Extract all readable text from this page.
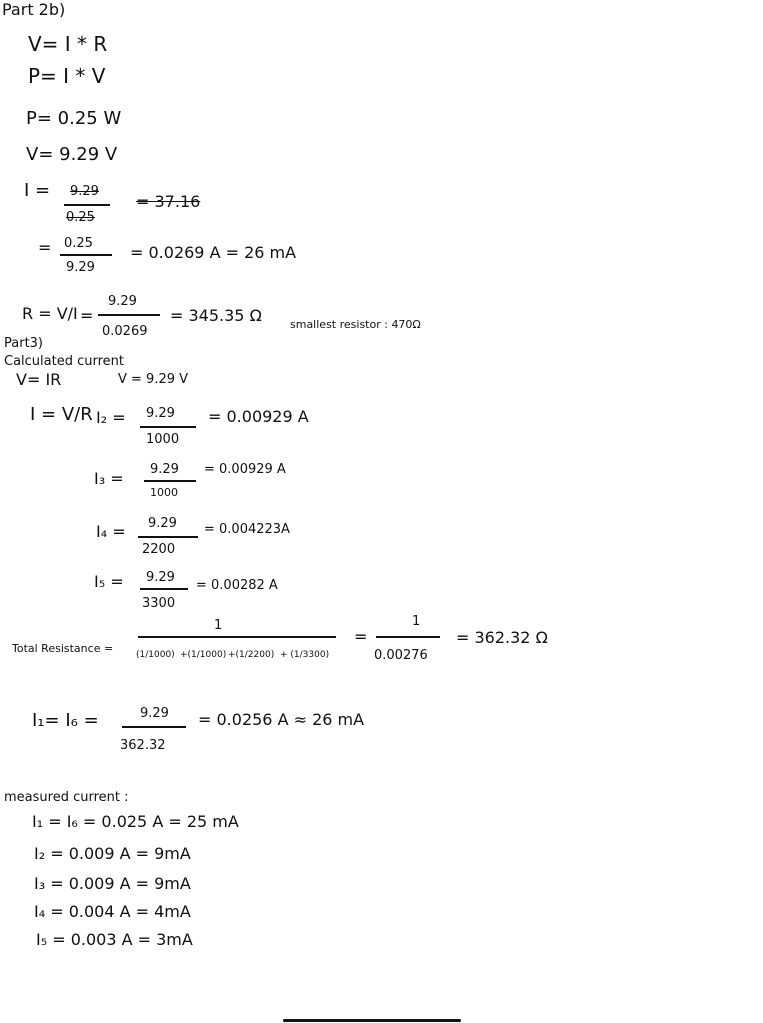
Part 2b)
V= I * R
P= I * V
P= 0.25 W
V= 9.29 V
I = 9.29
0.25
= 37.16
= 0.25
9.29
= 0.0269 A = 26 mA
R = V/I =
9.29
0.0269
= 345.35 Ω	smallest resistor : 470Ω
Part3)
Calculated current
V= IR	V = 9.29 V
I = V/R I₂ = 9.29
1000
= 0.00929 A
I₃ = 9.29
1000
= 0.00929 A
I₄ = 9.29
2200
= 0.004223A
I₅ = 9.29
3300
= 0.00282 A
Total Resistance =
1
(1/1000) +(1/1000) +(1/2200) + (1/3300)
=
1
0.00276
= 362.32 Ω
I₁= I₆ =	9.29
362.32
= 0.0256 A ≈ 26 mA
measured current :
I₁ = I₆ = 0.025 A = 25 mA
I₂ = 0.009 A = 9mA
I₃ = 0.009 A = 9mA
I₄ = 0.004 A = 4mA
I₅ = 0.003 A = 3mA
